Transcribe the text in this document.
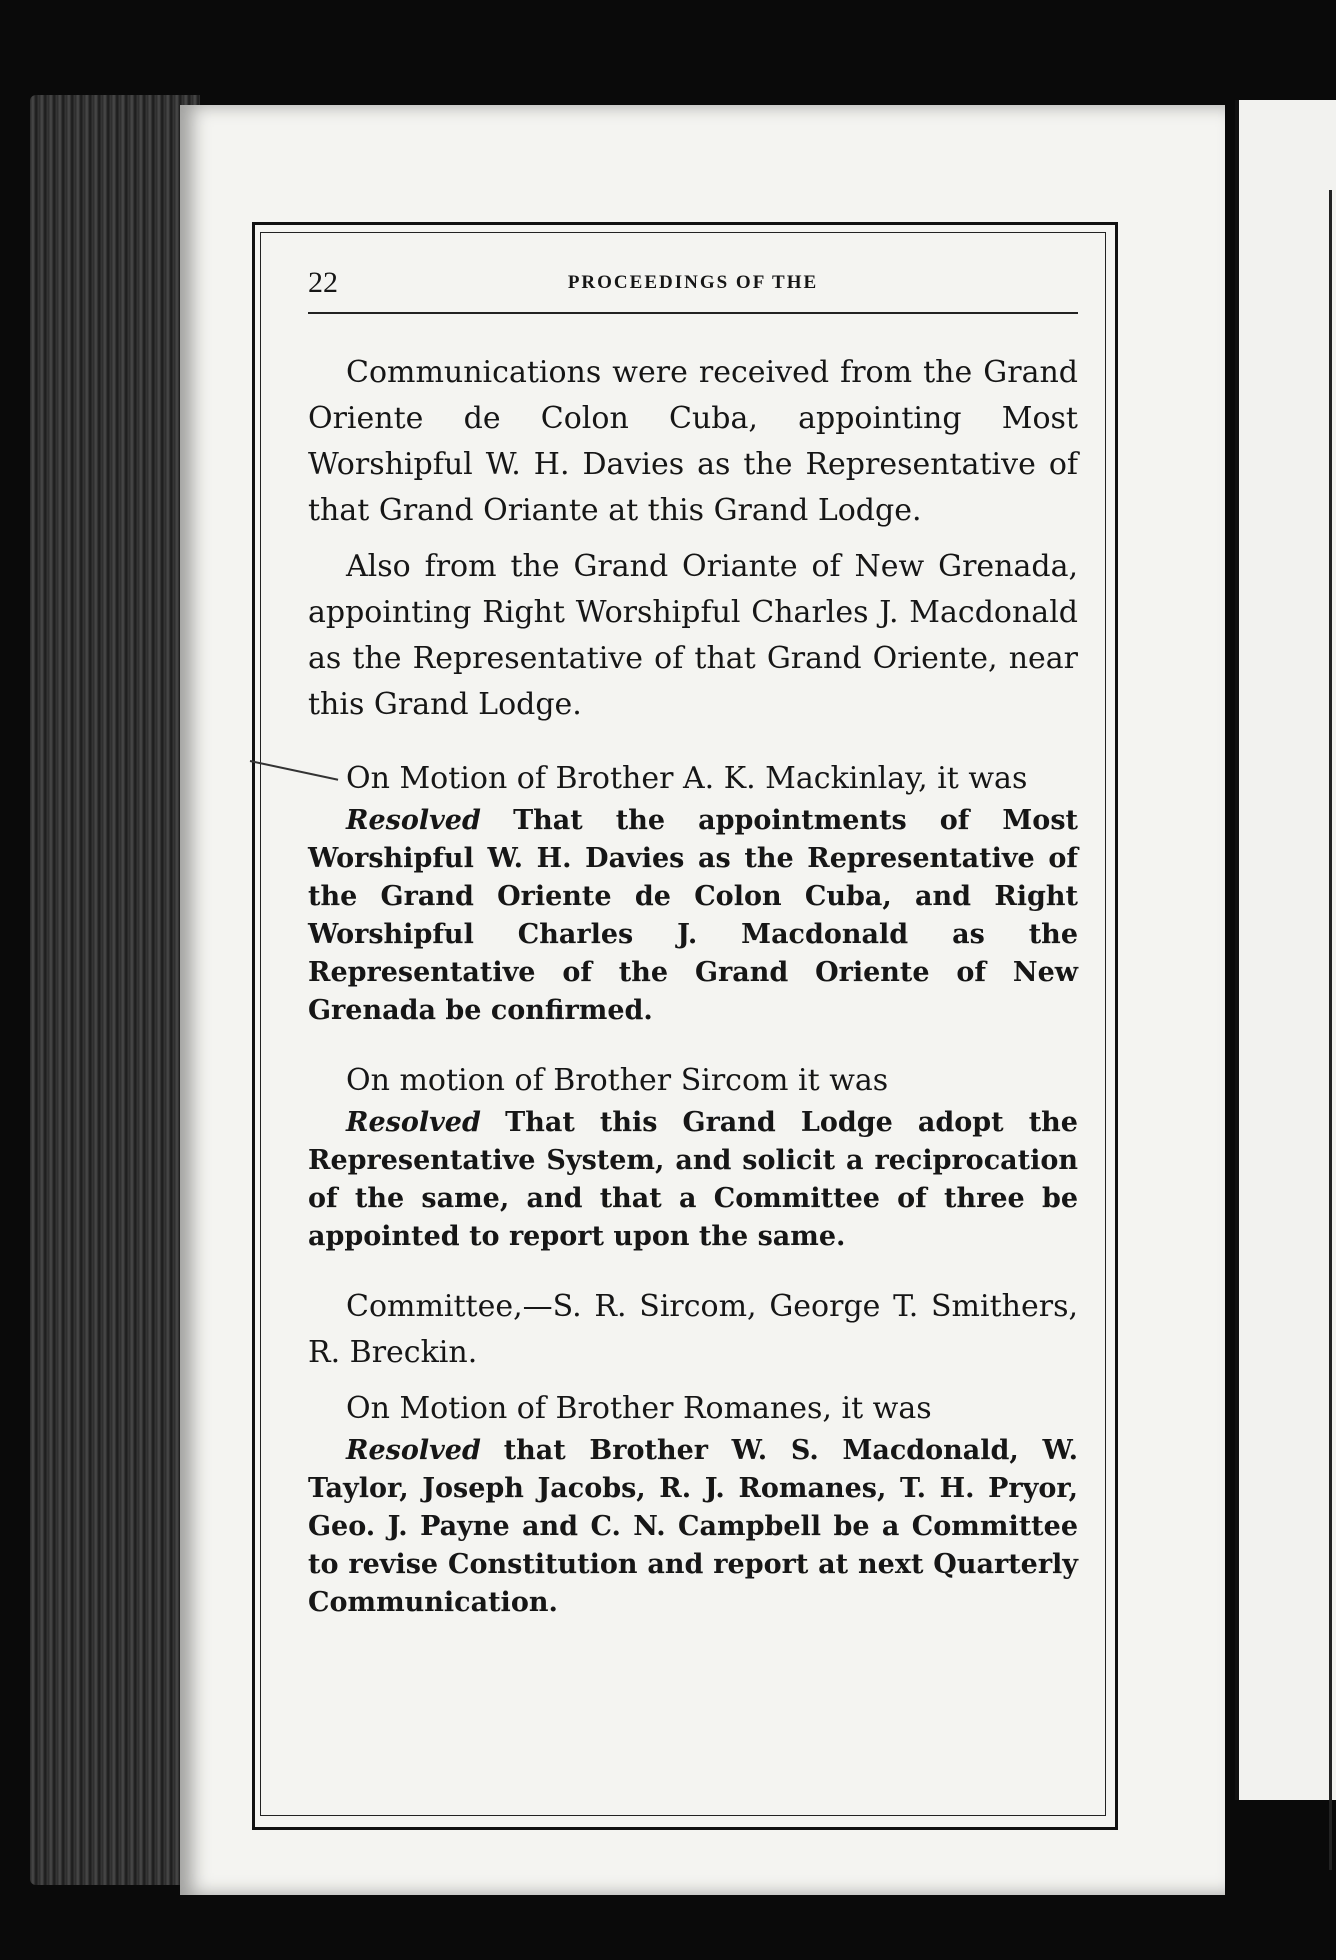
22	PROCEEDINGS OF THE

Communications were received from the Grand Oriente de Colon Cuba, appointing Most Worshipful W. H. Davies as the Representative of that Grand Oriante at this Grand Lodge.

Also from the Grand Oriante of New Grenada, appointing Right Worshipful Charles J. Macdonald as the Representative of that Grand Oriente, near this Grand Lodge.

On Motion of Brother A. K. Mackinlay, it was

Resolved That the appointments of Most Worshipful W. H. Davies as the Representative of the Grand Oriente de Colon Cuba, and Right Worshipful Charles J. Macdonald as the Representative of the Grand Oriente of New Grenada be confirmed.

On motion of Brother Sircom it was

Resolved That this Grand Lodge adopt the Representative System, and solicit a reciprocation of the same, and that a Committee of three be appointed to report upon the same.

Committee,—S. R. Sircom, George T. Smithers, R. Breckin.

On Motion of Brother Romanes, it was

Resolved that Brother W. S. Macdonald, W. Taylor, Joseph Jacobs, R. J. Romanes, T. H. Pryor, Geo. J. Payne and C. N. Campbell be a Committee to revise Constitution and report at next Quarterly Communication.
